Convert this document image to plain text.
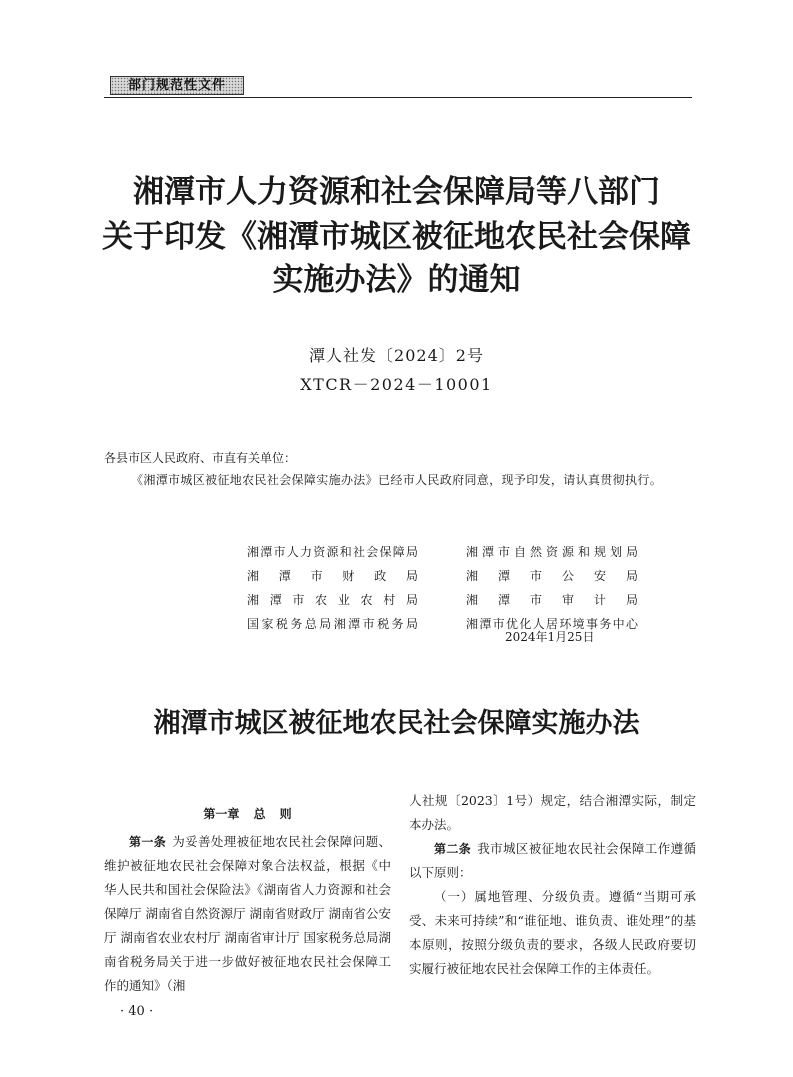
部门规范性文件
湘潭市人力资源和社会保障局等八部门
关于印发《湘潭市城区被征地农民社会保障
实施办法》的通知

潭人社发〔2024〕2号

XTCR－2024－10001

各县市区人民政府、市直有关单位：

《湘潭市城区被征地农民社会保障实施办法》已经市人民政府同意，现予印发，请认真贯彻执行。

湘潭市人力资源和社会保障局
湘潭市财政局
湘潭市农业农村局
国家税务总局湘潭市税务局
湘潭市自然资源和规划局
湘潭市公安局
湘潭市审计局
湘潭市优化人居环境事务中心
2024年1月25日
湘潭市城区被征地农民社会保障实施办法

第一章 总 则

第一条 为妥善处理被征地农民社会保障问题、维护被征地农民社会保障对象合法权益，根据《中华人民共和国社会保险法》《湖南省人力资源和社会保障厅 湖南省自然资源厅 湖南省财政厅 湖南省公安厅 湖南省农业农村厅 湖南省审计厅 国家税务总局湖南省税务局关于进一步做好被征地农民社会保障工作的通知》（湘

人社规〔2023〕1号）规定，结合湘潭实际，制定本办法。

第二条 我市城区被征地农民社会保障工作遵循以下原则：

（一）属地管理、分级负责。遵循“当期可承受、未来可持续”和“谁征地、谁负责、谁处理”的基本原则，按照分级负责的要求，各级人民政府要切实履行被征地农民社会保障工作的主体责任。

· 40 ·
